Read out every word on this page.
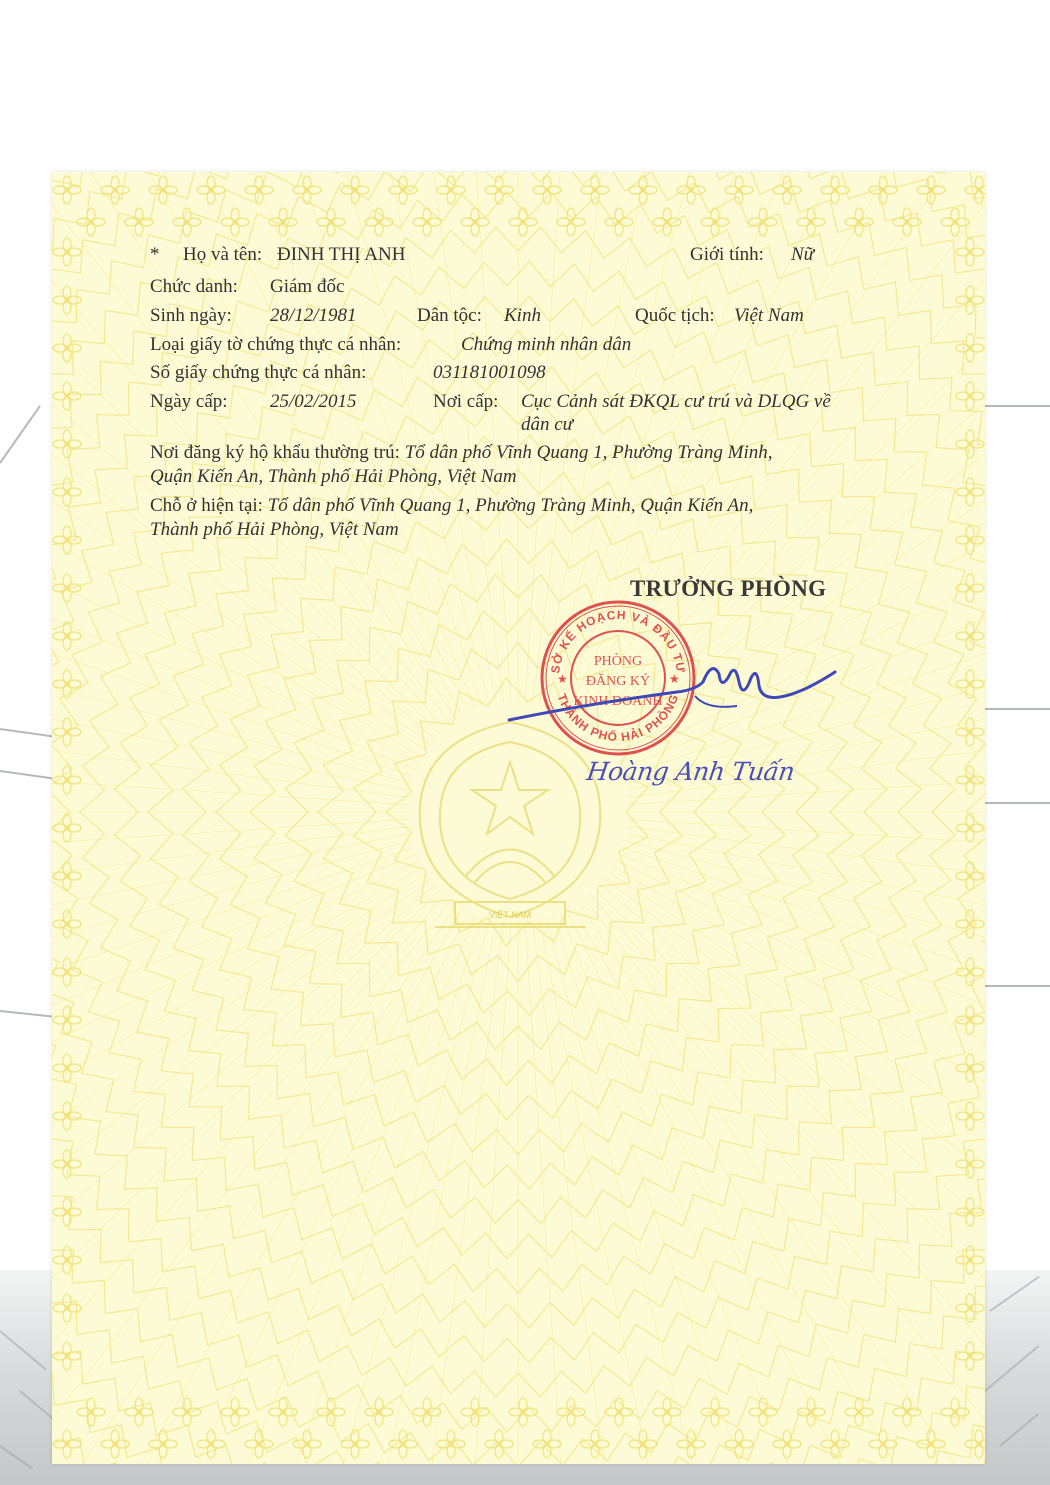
VIỆT NAM
* Họ và tên: ĐINH THỊ ANH	Giới tính: Nữ
Chức danh: Giám đốc
Sinh ngày: 28/12/1981	Dân tộc: Kinh	Quốc tịch: Việt Nam
Loại giấy tờ chứng thực cá nhân:	Chứng minh nhân dân
Số giấy chứng thực cá nhân:	031181001098
Ngày cấp: 25/02/2015	Nơi cấp: Cục Cảnh sát ĐKQL cư trú và DLQG về
dân cư
Nơi đăng ký hộ khẩu thường trú: Tổ dân phố Vĩnh Quang 1, Phường Tràng Minh,
Quận Kiến An, Thành phố Hải Phòng, Việt Nam
Chỗ ở hiện tại: Tổ dân phố Vĩnh Quang 1, Phường Tràng Minh, Quận Kiến An,
Thành phố Hải Phòng, Việt Nam
TRƯỞNG PHÒNG
SỞ KẾ HOẠCH VÀ ĐẦU TƯ
THÀNH PHỐ HẢI PHÒNG
PHÒNG
ĐĂNG KÝ
KINH DOANH
★	★
Hoàng Anh Tuấn
